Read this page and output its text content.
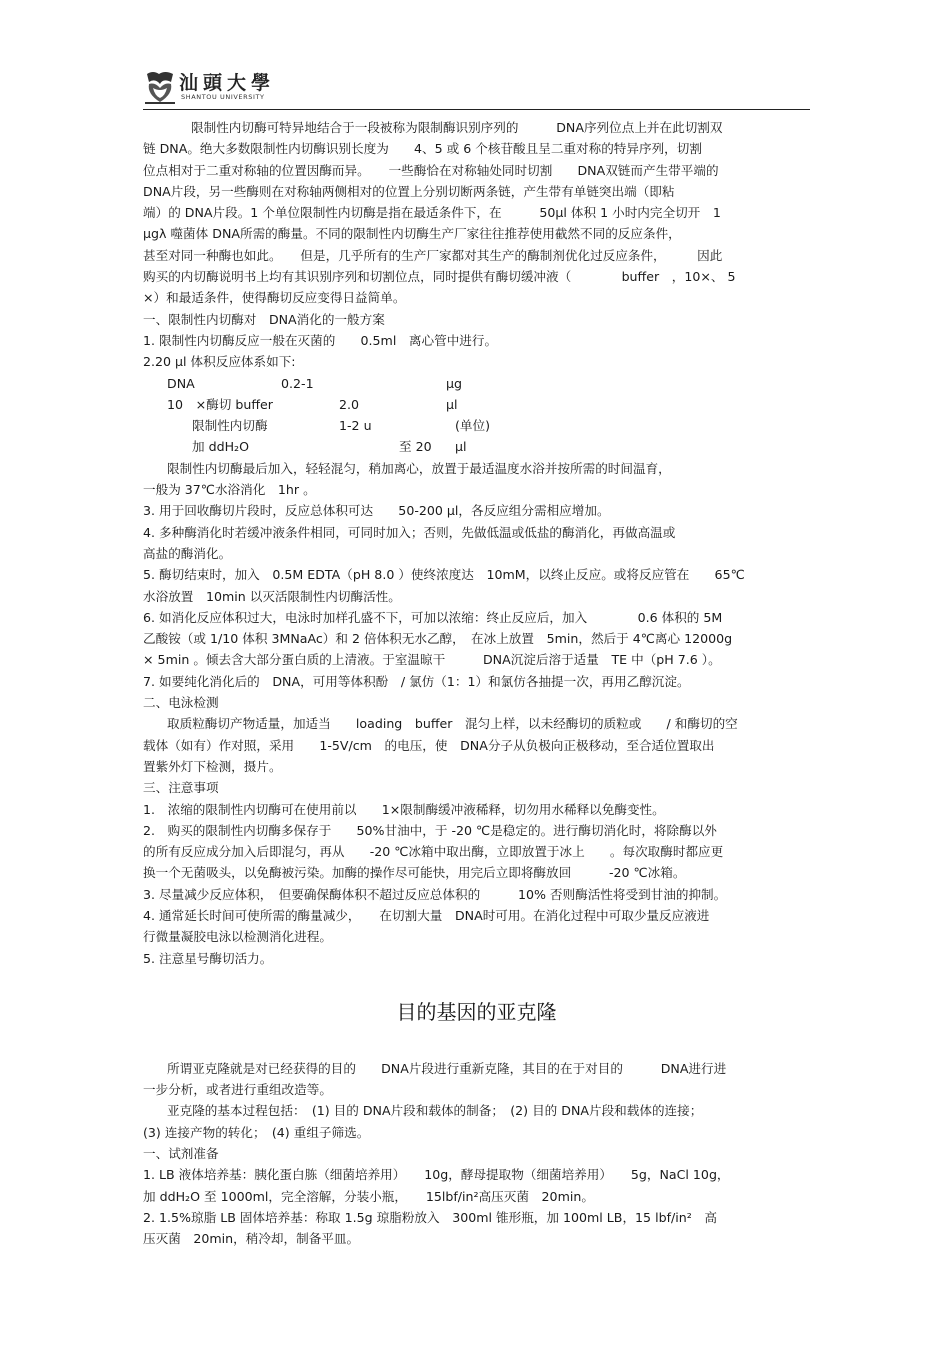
汕頭大學
SHANTOU UNIVERSITY
限制性内切酶可特异地结合于一段被称为限制酶识别序列的　　　DNA序列位点上并在此切割双
链 DNA。绝大多数限制性内切酶识别长度为　　4、5 或 6 个核苷酸且呈二重对称的特异序列，切割
位点相对于二重对称轴的位置因酶而异。　　一些酶恰在对称轴处同时切割　　DNA双链而产生带平端的
DNA片段，另一些酶则在对称轴两侧相对的位置上分别切断两条链，产生带有单链突出端（即粘
端）的 DNA片段。1 个单位限制性内切酶是指在最适条件下，在　　　50μl 体积 1 小时内完全切开　1
μgλ 噬菌体 DNA所需的酶量。不同的限制性内切酶生产厂家往往推荐使用截然不同的反应条件，
甚至对同一种酶也如此。　　但是，几乎所有的生产厂家都对其生产的酶制剂优化过反应条件，　　　因此
购买的内切酶说明书上均有其识别序列和切割位点，同时提供有酶切缓冲液（　　　　buffer　，10×、 5
×）和最适条件，使得酶切反应变得日益简单。
一、限制性内切酶对　DNA消化的一般方案
1. 限制性内切酶反应一般在灭菌的　　0.5ml　离心管中进行。
2.20 μl 体积反应体系如下:
DNA	0.2-1	μg
10　×酶切 buffer	2.0	μl
限制性内切酶	1-2 u	(单位)
加 ddH₂O	至 20 μl
限制性内切酶最后加入，轻轻混匀，稍加离心，放置于最适温度水浴并按所需的时间温育，
一般为 37℃水浴消化　1hr 。
3. 用于回收酶切片段时，反应总体积可达　　50-200 μl，各反应组分需相应增加。
4. 多种酶消化时若缓冲液条件相同，可同时加入；否则，先做低温或低盐的酶消化，再做高温或
高盐的酶消化。
5. 酶切结束时，加入　0.5M EDTA（pH 8.0 ）使终浓度达　10mM，以终止反应。或将反应管在　　65℃
水浴放置　10min 以灭活限制性内切酶活性。
6. 如消化反应体积过大，电泳时加样孔盛不下，可加以浓缩：终止反应后，加入　　　　0.6 体积的 5M
乙酸铵（或 1/10 体积 3MNaAc）和 2 倍体积无水乙醇，　在冰上放置　5min，然后于 4℃离心 12000g
× 5min 。倾去含大部分蛋白质的上清液。于室温晾干　　　DNA沉淀后溶于适量　TE 中（pH 7.6 ）。
7. 如要纯化消化后的　DNA，可用等体积酚　/ 氯仿（1：1）和氯仿各抽提一次，再用乙醇沉淀。
二、电泳检测
取质粒酶切产物适量，加适当　　loading　buffer　混匀上样，以未经酶切的质粒或　　/ 和酶切的空
载体（如有）作对照，采用　　1-5V/cm　的电压，使　DNA分子从负极向正极移动，至合适位置取出
置紫外灯下检测，摄片。
三、注意事项
1.　浓缩的限制性内切酶可在使用前以　　1×限制酶缓冲液稀释，切勿用水稀释以免酶变性。
2.　购买的限制性内切酶多保存于　　50%甘油中，于 -20 ℃是稳定的。进行酶切消化时，将除酶以外
的所有反应成分加入后即混匀，再从　　-20 ℃冰箱中取出酶，立即放置于冰上　　。每次取酶时都应更
换一个无菌吸头，以免酶被污染。加酶的操作尽可能快，用完后立即将酶放回　　　-20 ℃冰箱。
3. 尽量减少反应体积，　但要确保酶体积不超过反应总体积的　　　10% 否则酶活性将受到甘油的抑制。
4. 通常延长时间可使所需的酶量减少，　　在切割大量　DNA时可用。在消化过程中可取少量反应液进
行微量凝胶电泳以检测消化进程。
5. 注意星号酶切活力。
目的基因的亚克隆
所谓亚克隆就是对已经获得的目的　　DNA片段进行重新克隆，其目的在于对目的　　　DNA进行进
一步分析，或者进行重组改造等。
亚克隆的基本过程包括：　(1) 目的 DNA片段和载体的制备；　(2) 目的 DNA片段和载体的连接；
(3) 连接产物的转化；　(4) 重组子筛选。
一、试剂准备
1. LB 液体培养基：胰化蛋白胨（细菌培养用）　　10g，酵母提取物（细菌培养用）　　5g，NaCl 10g，
加 ddH₂O 至 1000ml，完全溶解，分装小瓶，　　15lbf/in²高压灭菌　20min。
2. 1.5%琼脂 LB 固体培养基：称取 1.5g 琼脂粉放入　300ml 锥形瓶，加 100ml LB，15 lbf/in²　高
压灭菌　20min，稍冷却，制备平皿。
